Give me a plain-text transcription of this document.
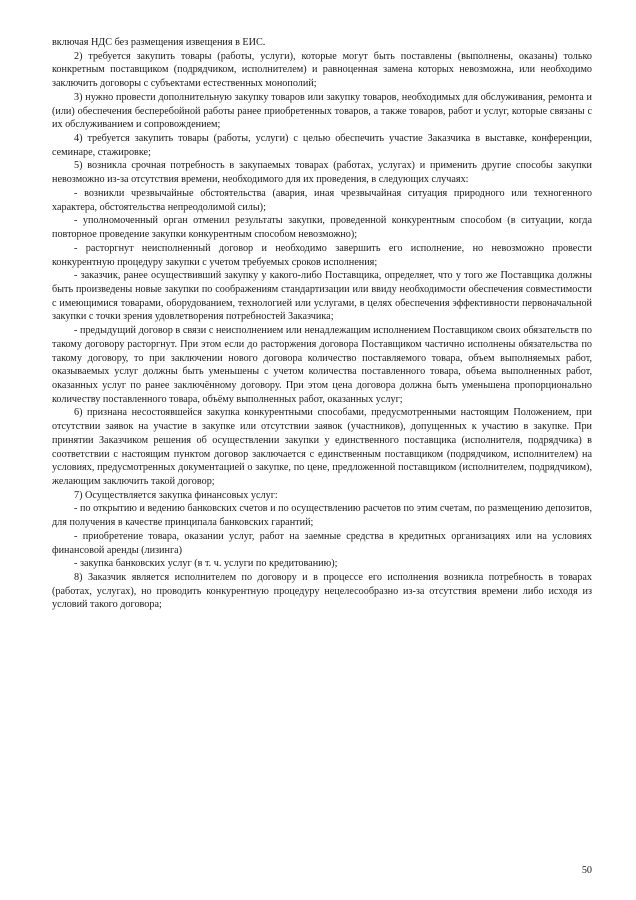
включая НДС без размещения извещения в ЕИС.

2) требуется закупить товары (работы, услуги), которые могут быть поставлены (выполнены, оказаны) только конкретным поставщиком (подрядчиком, исполнителем) и равноценная замена которых невозможна, или необходимо заключить договоры с субъектами естественных монополий;

3) нужно провести дополнительную закупку товаров или закупку товаров, необходимых для обслуживания, ремонта и (или) обеспечения бесперебойной работы ранее приобретенных товаров, а также товаров, работ и услуг, которые связаны с их обслуживанием и сопровождением;

4) требуется закупить товары (работы, услуги) с целью обеспечить участие Заказчика в выставке, конференции, семинаре, стажировке;

5) возникла срочная потребность в закупаемых товарах (работах, услугах) и применить другие способы закупки невозможно из-за отсутствия времени, необходимого для их проведения, в следующих случаях:

- возникли чрезвычайные обстоятельства (авария, иная чрезвычайная ситуация природного или техногенного характера, обстоятельства непреодолимой силы);

- уполномоченный орган отменил результаты закупки, проведенной конкурентным способом (в ситуации, когда повторное проведение закупки конкурентным способом невозможно);

- расторгнут неисполненный договор и необходимо завершить его исполнение, но невозможно провести конкурентную процедуру закупки с учетом требуемых сроков исполнения;

- заказчик, ранее осуществивший закупку у какого-либо Поставщика, определяет, что у того же Поставщика должны быть произведены новые закупки по соображениям стандартизации или ввиду необходимости обеспечения совместимости с имеющимися товарами, оборудованием, технологией или услугами, в целях обеспечения эффективности первоначальной закупки с точки зрения удовлетворения потребностей Заказчика;

- предыдущий договор в связи с неисполнением или ненадлежащим исполнением Поставщиком своих обязательств по такому договору расторгнут. При этом если до расторжения договора Поставщиком частично исполнены обязательства по такому договору, то при заключении нового договора количество поставляемого товара, объем выполняемых работ, оказываемых услуг должны быть уменьшены с учетом количества поставленного товара, объема выполненных работ, оказанных услуг по ранее заключённому договору. При этом цена договора должна быть уменьшена пропорционально количеству поставленного товара, объёму выполненных работ, оказанных услуг;

6) признана несостоявшейся закупка конкурентными способами, предусмотренными настоящим Положением, при отсутствии заявок на участие в закупке или отсутствии заявок (участников), допущенных к участию в закупке. При принятии Заказчиком решения об осуществлении закупки у единственного поставщика (исполнителя, подрядчика) в соответствии с настоящим пунктом договор заключается с единственным поставщиком (подрядчиком, исполнителем) на условиях, предусмотренных документацией о закупке, по цене, предложенной поставщиком (исполнителем, подрядчиком), желающим заключить такой договор;

7) Осуществляется закупка финансовых услуг:

- по открытию и ведению банковских счетов и по осуществлению расчетов по этим счетам, по размещению депозитов, для получения в качестве принципала банковских гарантий;

- приобретение товара, оказании услуг, работ на заемные средства в кредитных организациях или на условиях финансовой аренды (лизинга)

- закупка банковских услуг (в т. ч. услуги по кредитованию);

8) Заказчик является исполнителем по договору и в процессе его исполнения возникла потребность в товарах (работах, услугах), но проводить конкурентную процедуру нецелесообразно из-за отсутствия времени либо исходя из условий такого договора;

50
